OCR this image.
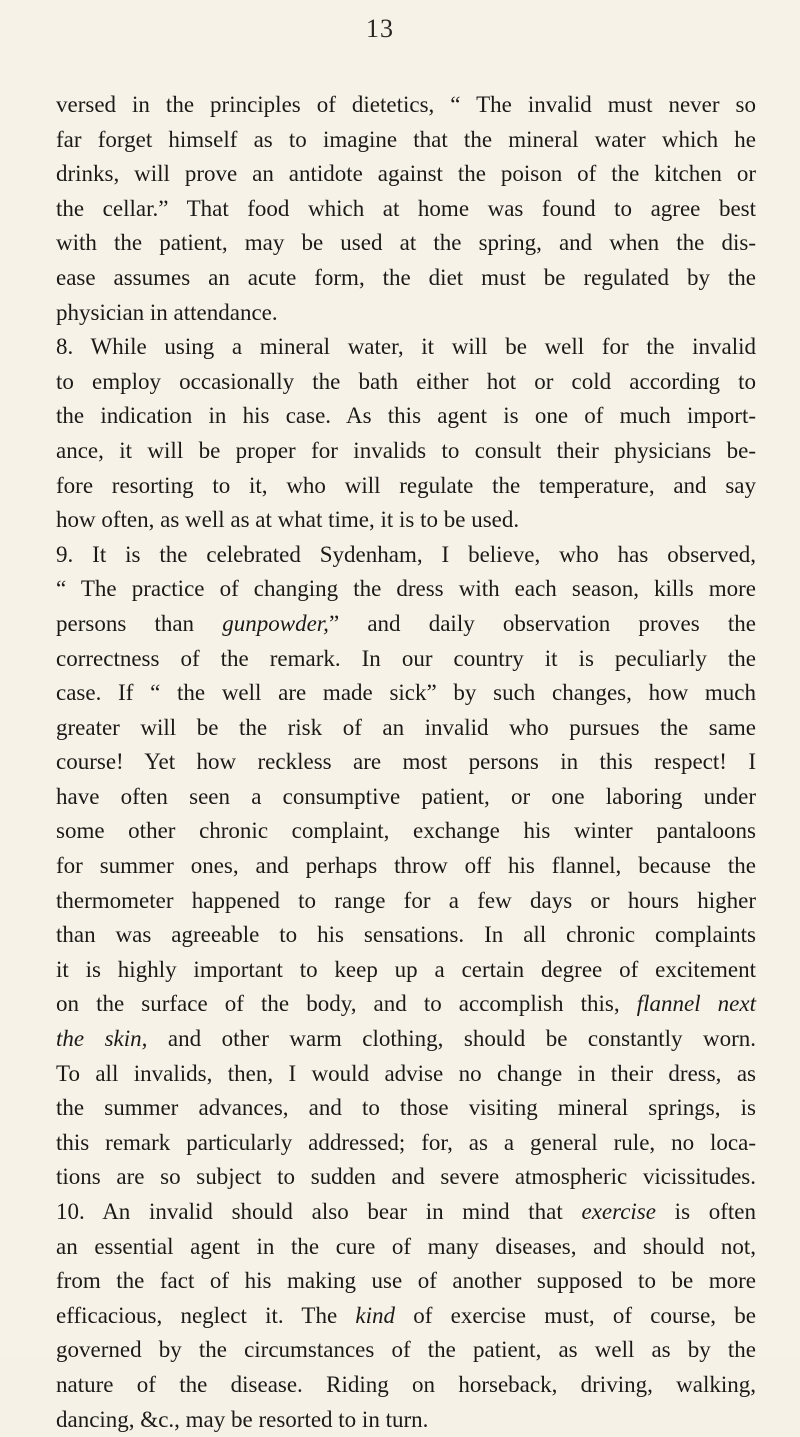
13
versed in the principles of dietetics, “ The invalid must never so
far forget himself as to imagine that the mineral water which he
drinks, will prove an antidote against the poison of the kitchen or
the cellar.” That food which at home was found to agree best
with the patient, may be used at the spring, and when the dis-
ease assumes an acute form, the diet must be regulated by the
physician in attendance.
8. While using a mineral water, it will be well for the invalid
to employ occasionally the bath either hot or cold according to
the indication in his case. As this agent is one of much import-
ance, it will be proper for invalids to consult their physicians be-
fore resorting to it, who will regulate the temperature, and say
how often, as well as at what time, it is to be used.
9. It is the celebrated Sydenham, I believe, who has observed,
“ The practice of changing the dress with each season, kills more
persons than gunpowder,” and daily observation proves the
correctness of the remark. In our country it is peculiarly the
case. If “ the well are made sick” by such changes, how much
greater will be the risk of an invalid who pursues the same
course! Yet how reckless are most persons in this respect! I
have often seen a consumptive patient, or one laboring under
some other chronic complaint, exchange his winter pantaloons
for summer ones, and perhaps throw off his flannel, because the
thermometer happened to range for a few days or hours higher
than was agreeable to his sensations. In all chronic complaints
it is highly important to keep up a certain degree of excitement
on the surface of the body, and to accomplish this, flannel next
the skin, and other warm clothing, should be constantly worn.
To all invalids, then, I would advise no change in their dress, as
the summer advances, and to those visiting mineral springs, is
this remark particularly addressed; for, as a general rule, no loca-
tions are so subject to sudden and severe atmospheric vicissitudes.
10. An invalid should also bear in mind that exercise is often
an essential agent in the cure of many diseases, and should not,
from the fact of his making use of another supposed to be more
efficacious, neglect it. The kind of exercise must, of course, be
governed by the circumstances of the patient, as well as by the
nature of the disease. Riding on horseback, driving, walking,
dancing, &c., may be resorted to in turn.
